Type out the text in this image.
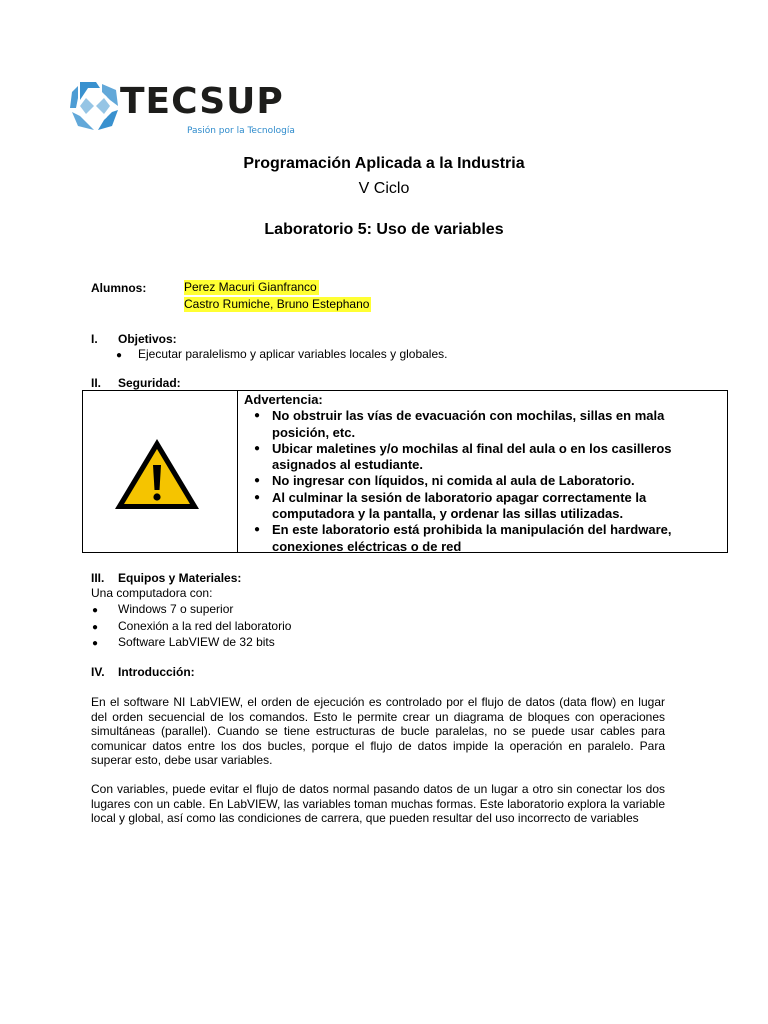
TECSUP
Pasión por la Tecnología
Programación Aplicada a la Industria
V Ciclo
Laboratorio 5: Uso de variables
Alumnos:	Perez Macuri Gianfranco
Castro Rumiche, Bruno Estephano
I. Objetivos:
● Ejecutar paralelismo y aplicar variables locales y globales.
II. Seguridad:
Advertencia:
● No obstruir las vías de evacuación con mochilas, sillas en mala posición, etc.
● Ubicar maletines y/o mochilas al final del aula o en los casilleros asignados al estudiante.
● No ingresar con líquidos, ni comida al aula de Laboratorio.
● Al culminar la sesión de laboratorio apagar correctamente la computadora y la pantalla, y ordenar las sillas utilizadas.
● En este laboratorio está prohibida la manipulación del hardware, conexiones eléctricas o de red
III. Equipos y Materiales:
Una computadora con:
● Windows 7 o superior
● Conexión a la red del laboratorio
● Software LabVIEW de 32 bits
IV. Introducción:
En el software NI LabVIEW, el orden de ejecución es controlado por el flujo de datos (data flow) en lugar del orden secuencial de los comandos. Esto le permite crear un diagrama de bloques con operaciones simultáneas (parallel). Cuando se tiene estructuras de bucle paralelas, no se puede usar cables para comunicar datos entre los dos bucles, porque el flujo de datos impide la operación en paralelo. Para superar esto, debe usar variables.
Con variables, puede evitar el flujo de datos normal pasando datos de un lugar a otro sin conectar los dos lugares con un cable. En LabVIEW, las variables toman muchas formas. Este laboratorio explora la variable local y global, así como las condiciones de carrera, que pueden resultar del uso incorrecto de variables
